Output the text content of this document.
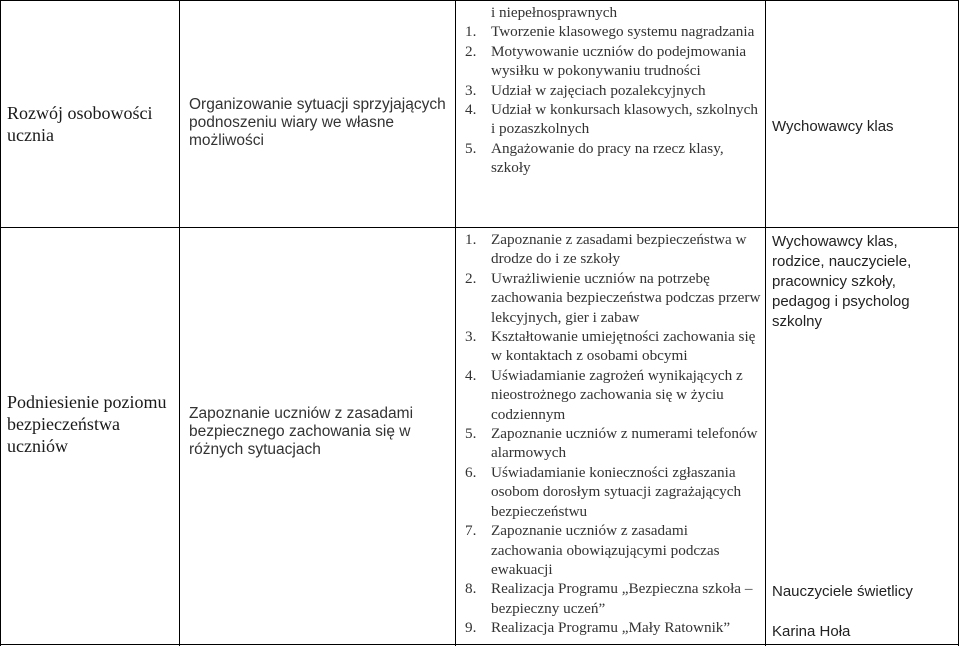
Rozwój osobowości ucznia
Organizowanie sytuacji sprzyjających podnoszeniu wiary we własne możliwości
i niepełnosprawnych
1. Tworzenie klasowego systemu nagradzania
2. Motywowanie uczniów do podejmowania wysiłku w pokonywaniu trudności
3. Udział w zajęciach pozalekcyjnych
4. Udział w konkursach klasowych, szkolnych i pozaszkolnych
5. Angażowanie do pracy na rzecz klasy, szkoły
Wychowawcy klas
Podniesienie poziomu bezpieczeństwa uczniów
Zapoznanie uczniów z zasadami bezpiecznego zachowania się w różnych sytuacjach
1. Zapoznanie z zasadami bezpieczeństwa w drodze do i ze szkoły
2. Uwrażliwienie uczniów na potrzebę zachowania bezpieczeństwa podczas przerw lekcyjnych, gier i zabaw
3. Kształtowanie umiejętności zachowania się w kontaktach z osobami obcymi
4. Uświadamianie zagrożeń wynikających z nieostrożnego zachowania się w życiu codziennym
5. Zapoznanie uczniów z numerami telefonów alarmowych
6. Uświadamianie konieczności zgłaszania osobom dorosłym sytuacji zagrażających bezpieczeństwu
7. Zapoznanie uczniów z zasadami zachowania obowiązującymi podczas ewakuacji
8. Realizacja Programu „Bezpieczna szkoła – bezpieczny uczeń”
9. Realizacja Programu „Mały Ratownik”
Wychowawcy klas, rodzice, nauczyciele, pracownicy szkoły, pedagog i psycholog szkolny
Nauczyciele świetlicy
Karina Hoła
